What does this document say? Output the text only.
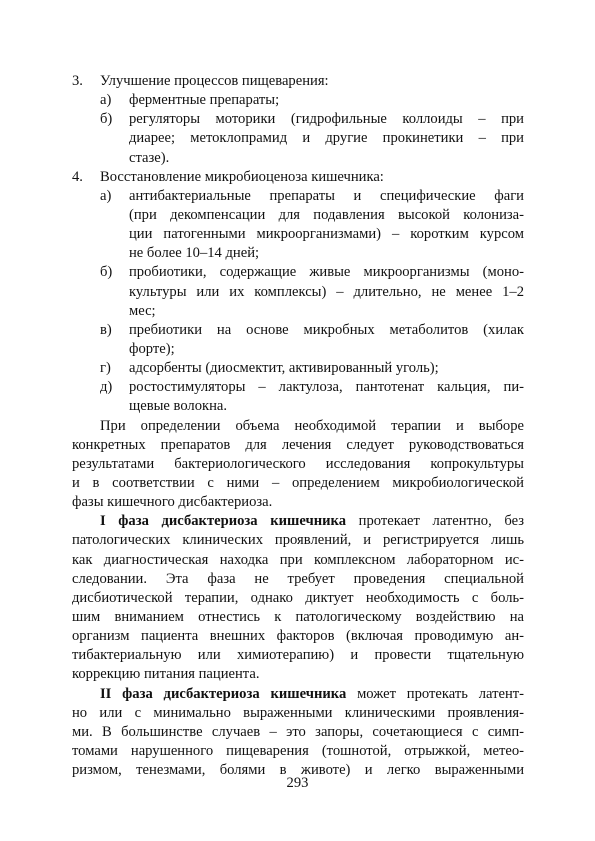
3. Улучшение процессов пищеварения:
а) ферментные препараты;
б) регуляторы моторики (гидрофильные коллоиды – при
диарее; метоклопрамид и другие прокинетики – при
стазе).
4. Восстановление микробиоценоза кишечника:
а) антибактериальные препараты и специфические фаги
(при декомпенсации для подавления высокой колониза-
ции патогенными микроорганизмами) – коротким курсом
не более 10–14 дней;
б) пробиотики, содержащие живые микроорганизмы (моно-
культуры или их комплексы) – длительно, не менее 1–2
мес;
в) пребиотики на основе микробных метаболитов (хилак
форте);
г) адсорбенты (диосмектит, активированный уголь);
д) ростостимуляторы – лактулоза, пантотенат кальция, пи-
щевые волокна.
При определении объема необходимой терапии и выборе
конкретных препаратов для лечения следует руководствоваться
результатами бактериологического исследования копрокультуры
и в соответствии с ними – определением микробиологической
фазы кишечного дисбактериоза.
I фаза дисбактериоза кишечника протекает латентно, без
патологических клинических проявлений, и регистрируется лишь
как диагностическая находка при комплексном лабораторном ис-
следовании. Эта фаза не требует проведения специальной
дисбиотической терапии, однако диктует необходимость с боль-
шим вниманием отнестись к патологическому воздействию на
организм пациента внешних факторов (включая проводимую ан-
тибактериальную или химиотерапию) и провести тщательную
коррекцию питания пациента.
II фаза дисбактериоза кишечника может протекать латент-
но или с минимально выраженными клиническими проявления-
ми. В большинстве случаев – это запоры, сочетающиеся с симп-
томами нарушенного пищеварения (тошнотой, отрыжкой, метео-
ризмом, тенезмами, болями в животе) и легко выраженными
293
